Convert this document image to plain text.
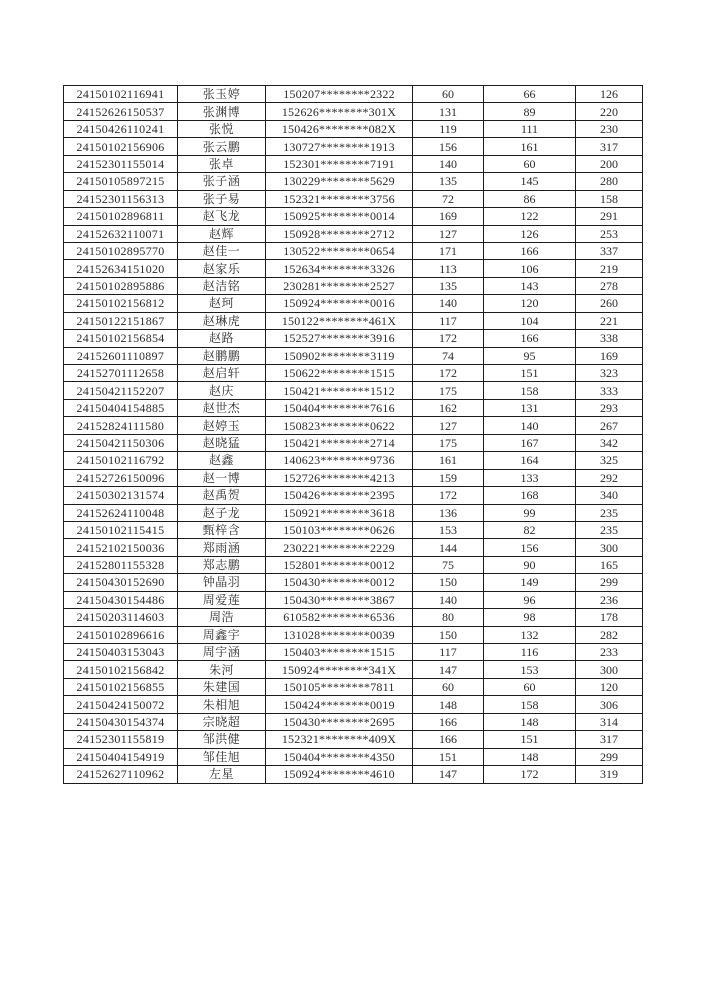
24150102116941	张玉婷	150207********2322	60	66	126
24152626150537	张渊博	152626********301X	131	89	220
24150426110241	张悦	150426********082X	119	111	230
24150102156906	张云鹏	130727********1913	156	161	317
24152301155014	张卓	152301********7191	140	60	200
24150105897215	张子涵	130229********5629	135	145	280
24152301156313	张子易	152321********3756	72	86	158
24150102896811	赵飞龙	150925********0014	169	122	291
24152632110071	赵辉	150928********2712	127	126	253
24150102895770	赵佳一	130522********0654	171	166	337
24152634151020	赵家乐	152634********3326	113	106	219
24150102895886	赵洁铭	230281********2527	135	143	278
24150102156812	赵珂	150924********0016	140	120	260
24150122151867	赵琳虎	150122********461X	117	104	221
24150102156854	赵路	152527********3916	172	166	338
24152601110897	赵鹏鹏	150902********3119	74	95	169
24152701112658	赵启轩	150622********1515	172	151	323
24150421152207	赵庆	150421********1512	175	158	333
24150404154885	赵世杰	150404********7616	162	131	293
24152824111580	赵婷玉	150823********0622	127	140	267
24150421150306	赵晓猛	150421********2714	175	167	342
24150102116792	赵鑫	140623********9736	161	164	325
24152726150096	赵一博	152726********4213	159	133	292
24150302131574	赵禹贺	150426********2395	172	168	340
24152624110048	赵子龙	150921********3618	136	99	235
24150102115415	甄梓含	150103********0626	153	82	235
24152102150036	郑雨涵	230221********2229	144	156	300
24152801155328	郑志鹏	152801********0012	75	90	165
24150430152690	钟晶羽	150430********0012	150	149	299
24150430154486	周爱莲	150430********3867	140	96	236
24150203114603	周浩	610582********6536	80	98	178
24150102896616	周鑫宇	131028********0039	150	132	282
24150403153043	周宇涵	150403********1515	117	116	233
24150102156842	朱河	150924********341X	147	153	300
24150102156855	朱建国	150105********7811	60	60	120
24150424150072	朱相旭	150424********0019	148	158	306
24150430154374	宗晓超	150430********2695	166	148	314
24152301155819	邹洪健	152321********409X	166	151	317
24150404154919	邹佳旭	150404********4350	151	148	299
24152627110962	左星	150924********4610	147	172	319
